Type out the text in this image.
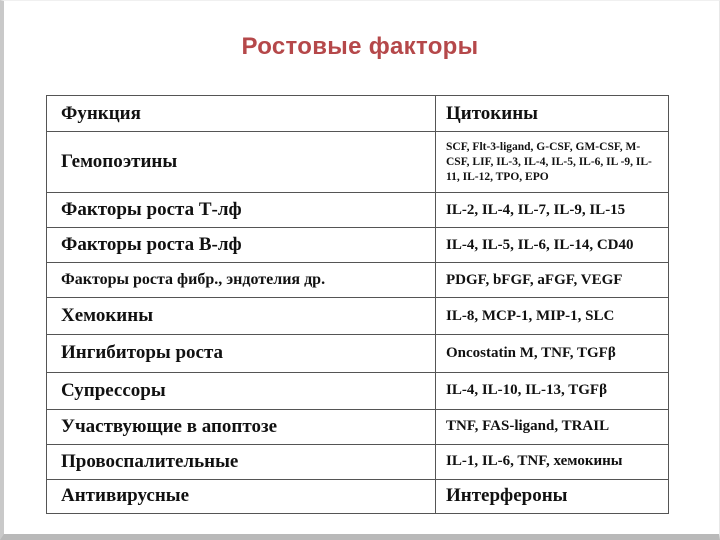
Ростовые факторы
Функция	Цитокины
Гемопоэтины	SCF, Flt-3-ligand, G-CSF, GM-CSF, M-CSF, LIF, IL-3, IL-4, IL-5, IL-6, IL -9, IL-11, IL-12, TPO, EPO
Факторы роста Т-лф	IL-2, IL-4, IL-7, IL-9, IL-15
Факторы роста В-лф	IL-4, IL-5, IL-6, IL-14, CD40
Факторы роста фибр., эндотелия др.	PDGF, bFGF, aFGF, VEGF
Хемокины	IL-8, MCP-1, MIP-1, SLC
Ингибиторы роста	Oncostatin M, TNF, TGFβ
Супрессоры	IL-4, IL-10, IL-13, TGFβ
Участвующие в апоптозе	TNF, FAS-ligand, TRAIL
Провоспалительные	IL-1, IL-6, TNF, хемокины
Антивирусные	Интерфероны
